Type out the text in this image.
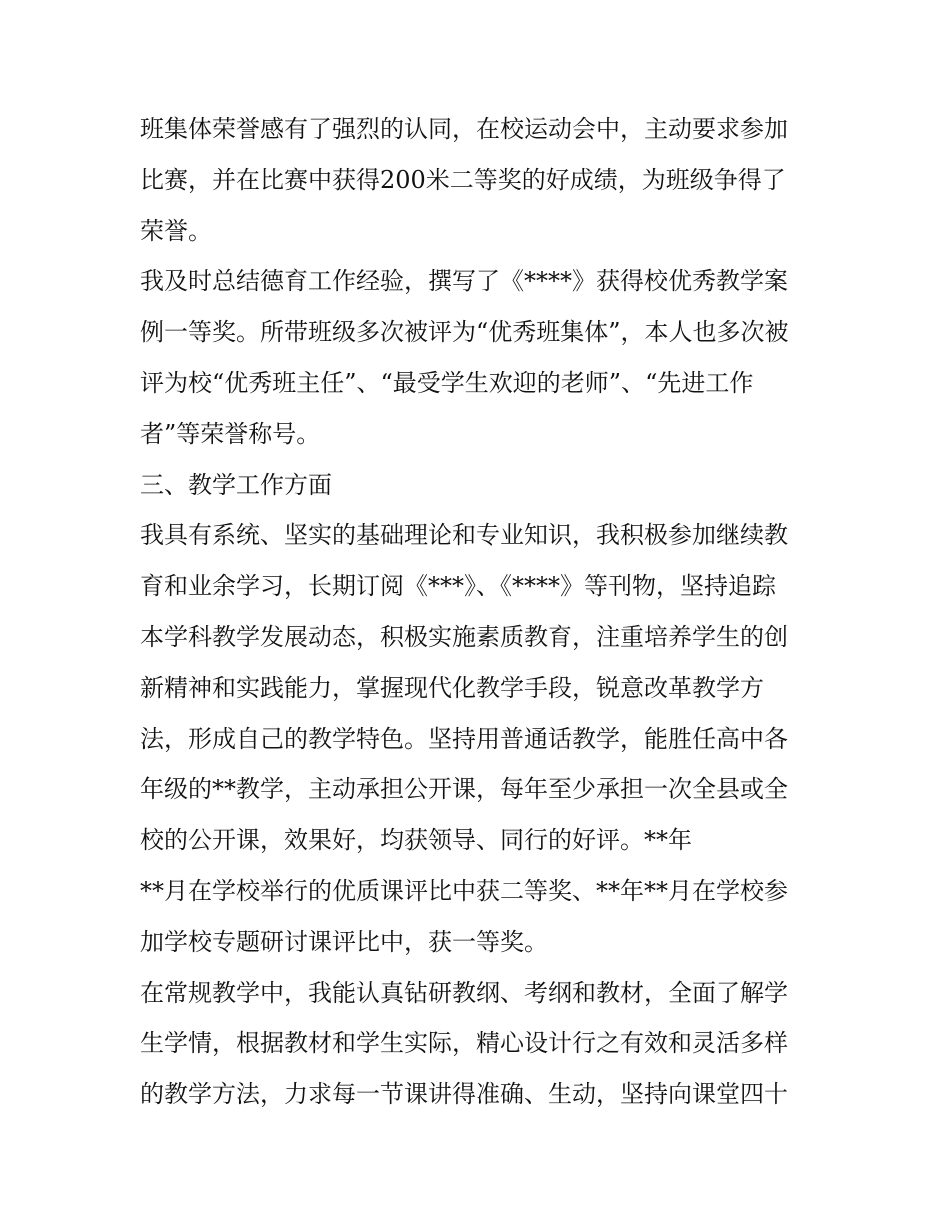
班集体荣誉感有了强烈的认同，在校运动会中，主动要求参加
比赛，并在比赛中获得200米二等奖的好成绩，为班级争得了
荣誉。
我及时总结德育工作经验，撰写了《****》获得校优秀教学案
例一等奖。所带班级多次被评为“优秀班集体”，本人也多次被
评为校“优秀班主任”、“最受学生欢迎的老师”、“先进工作
者”等荣誉称号。
三、教学工作方面
我具有系统、坚实的基础理论和专业知识，我积极参加继续教
育和业余学习，长期订阅《***》、《****》等刊物，坚持追踪
本学科教学发展动态，积极实施素质教育，注重培养学生的创
新精神和实践能力，掌握现代化教学手段，锐意改革教学方
法，形成自己的教学特色。坚持用普通话教学，能胜任高中各
年级的**教学，主动承担公开课，每年至少承担一次全县或全
校的公开课，效果好，均获领导、同行的好评。**年
**月在学校举行的优质课评比中获二等奖、**年**月在学校参
加学校专题研讨课评比中，获一等奖。
在常规教学中，我能认真钻研教纲、考纲和教材，全面了解学
生学情，根据教材和学生实际，精心设计行之有效和灵活多样
的教学方法，力求每一节课讲得准确、生动，坚持向课堂四十
